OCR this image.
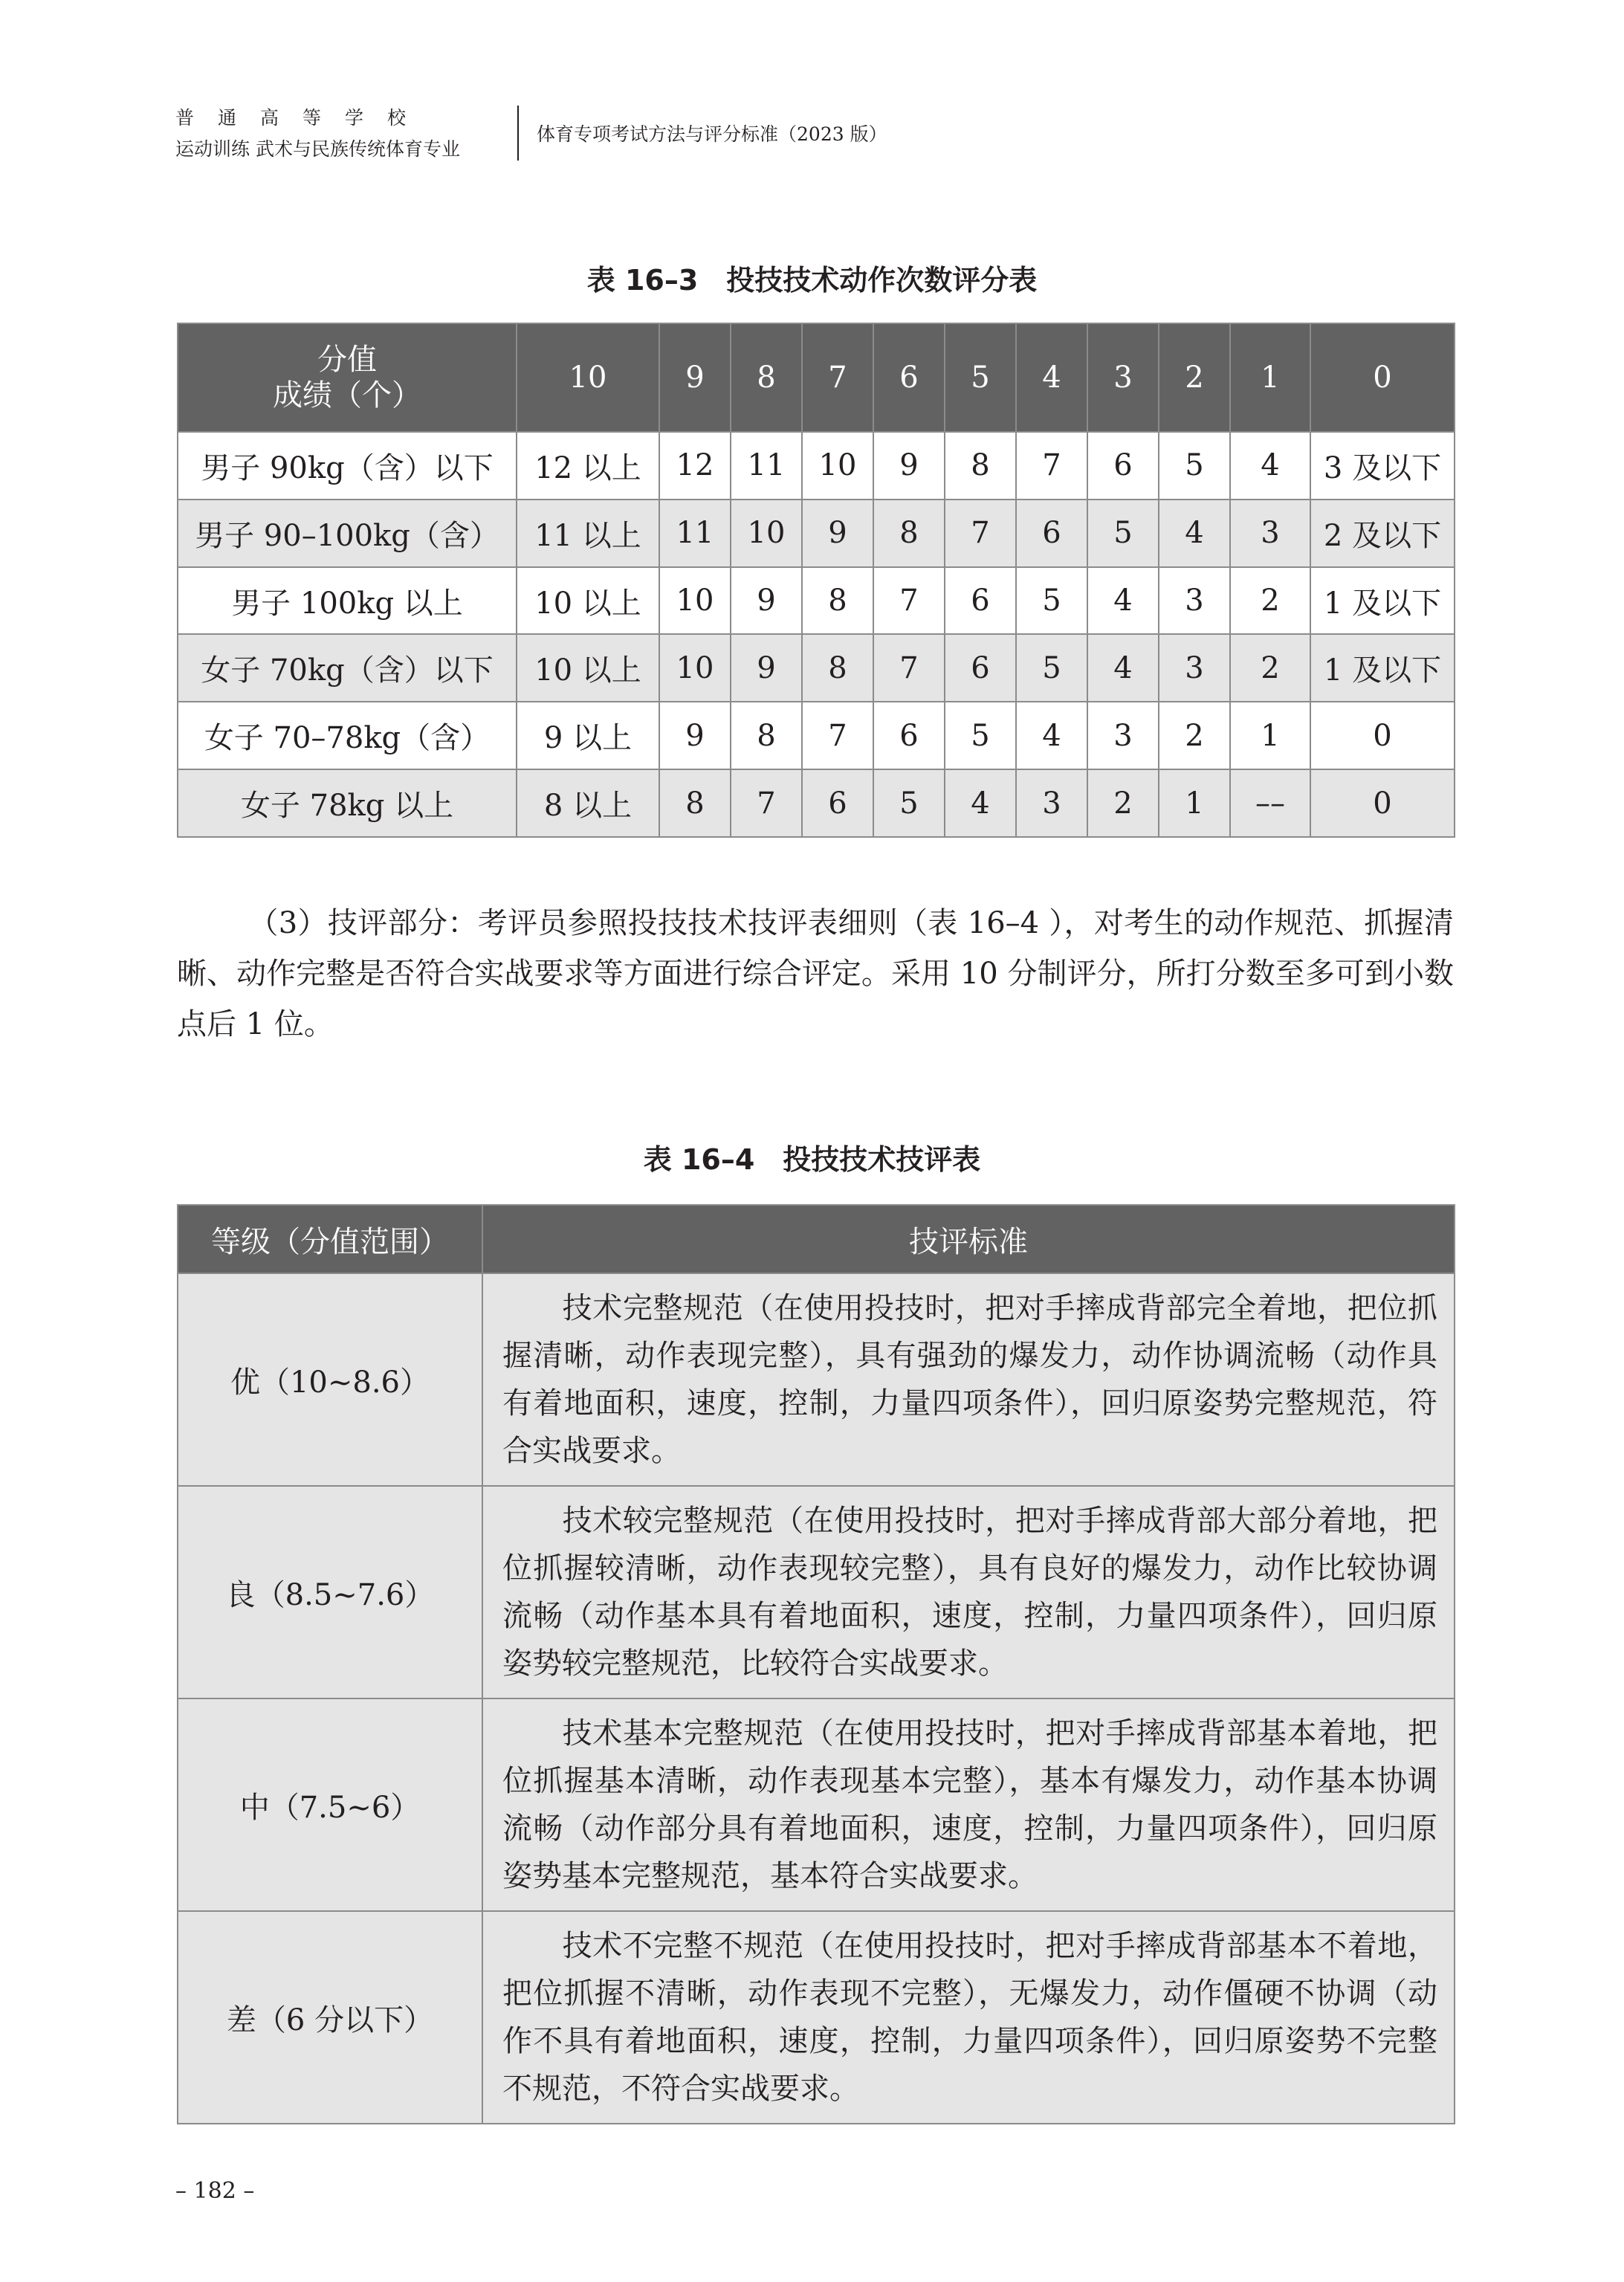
普通高等学校
运动训练 武术与民族传统体育专业
体育专项考试方法与评分标准（2023 版）
表 16–3　投技技术动作次数评分表
分值
成绩（个）	10	9	8	7	6	5	4	3	2	1	0
男子 90kg（含）以下	12 以上	12	11	10	9	8	7	6	5	4	3 及以下
男子 90–100kg（含）	11 以上	11	10	9	8	7	6	5	4	3	2 及以下
男子 100kg 以上	10 以上	10	9	8	7	6	5	4	3	2	1 及以下
女子 70kg（含）以下	10 以上	10	9	8	7	6	5	4	3	2	1 及以下
女子 70–78kg（含）	9 以上	9	8	7	6	5	4	3	2	1	0
女子 78kg 以上	8 以上	8	7	6	5	4	3	2	1	––	0
（3）技评部分：考评员参照投技技术技评表细则（表 16–4 ），对考生的动作规范、抓握清晰、动作完整是否符合实战要求等方面进行综合评定。采用 10 分制评分，所打分数至多可到小数点后 1 位。
表 16–4　投技技术技评表
等级（分值范围）	技评标准
优（10~8.6）	技术完整规范（在使用投技时，把对手摔成背部完全着地，把位抓握清晰，动作表现完整），具有强劲的爆发力，动作协调流畅（动作具有着地面积，速度，控制，力量四项条件），回归原姿势完整规范，符合实战要求。
良（8.5~7.6）	技术较完整规范（在使用投技时，把对手摔成背部大部分着地，把位抓握较清晰，动作表现较完整），具有良好的爆发力，动作比较协调流畅（动作基本具有着地面积，速度，控制，力量四项条件），回归原姿势较完整规范，比较符合实战要求。
中（7.5~6）	技术基本完整规范（在使用投技时，把对手摔成背部基本着地，把位抓握基本清晰，动作表现基本完整），基本有爆发力，动作基本协调流畅（动作部分具有着地面积，速度，控制，力量四项条件），回归原姿势基本完整规范，基本符合实战要求。
差（6 分以下）	技术不完整不规范（在使用投技时，把对手摔成背部基本不着地，把位抓握不清晰，动作表现不完整），无爆发力，动作僵硬不协调（动作不具有着地面积，速度，控制，力量四项条件），回归原姿势不完整不规范，不符合实战要求。
– 182 –
